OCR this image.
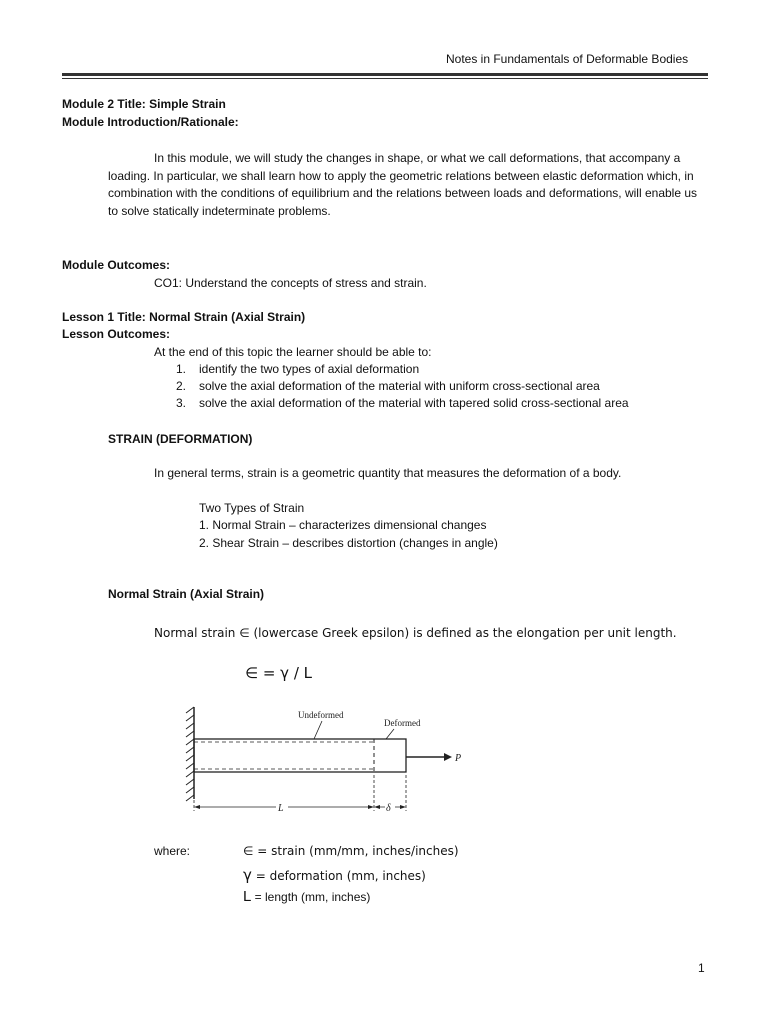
Notes in Fundamentals of Deformable Bodies
Module 2 Title: Simple Strain
Module Introduction/Rationale:
In this module, we will study the changes in shape, or what we call deformations, that accompany a loading. In particular, we shall learn how to apply the geometric relations between elastic deformation which, in combination with the conditions of equilibrium and the relations between loads and deformations, will enable us to solve statically indeterminate problems.
Module Outcomes:
CO1: Understand the concepts of stress and strain.
Lesson 1 Title: Normal Strain (Axial Strain)
Lesson Outcomes:
At the end of this topic the learner should be able to:
1. identify the two types of axial deformation
2. solve the axial deformation of the material with uniform cross-sectional area
3. solve the axial deformation of the material with tapered solid cross-sectional area
STRAIN (DEFORMATION)
In general terms, strain is a geometric quantity that measures the deformation of a body.
Two Types of Strain
1. Normal Strain – characterizes dimensional changes
2. Shear Strain – describes distortion (changes in angle)
Normal Strain (Axial Strain)
Normal strain ∈ (lowercase Greek epsilon) is defined as the elongation per unit length.
∈ = γ / L
P
Undeformed
Deformed
L	δ
where:	∈ = strain (mm/mm, inches/inches)
γ = deformation (mm, inches)
L = length (mm, inches)
1
